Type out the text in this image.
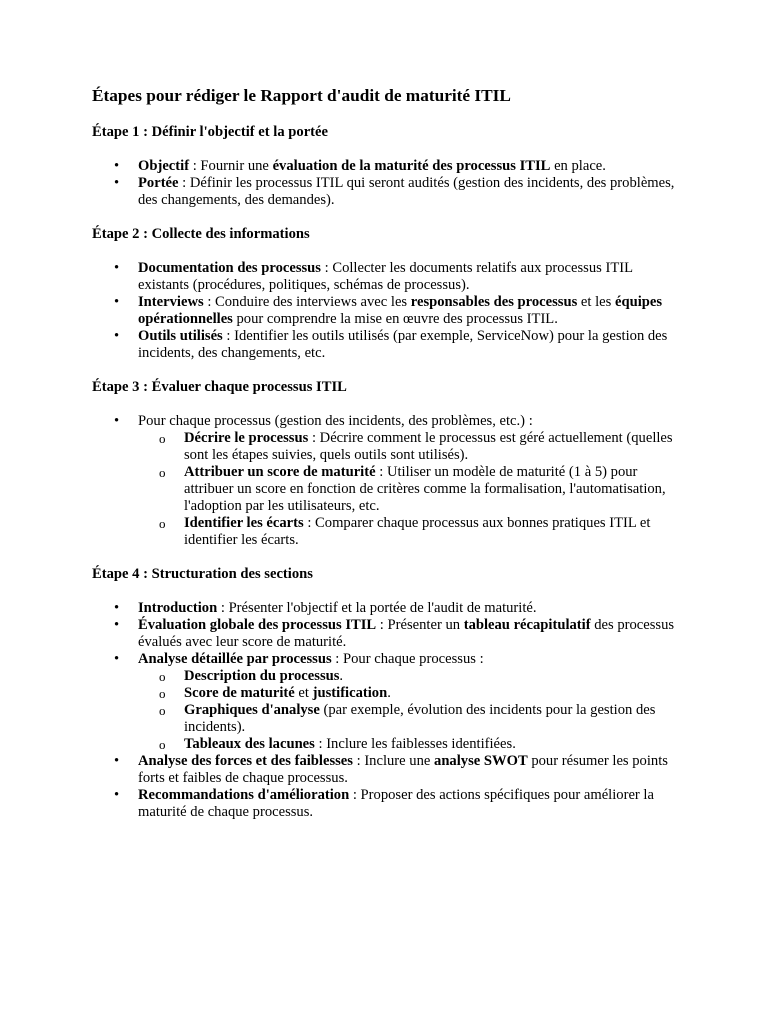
Étapes pour rédiger le Rapport d'audit de maturité ITIL
Étape 1 : Définir l'objectif et la portée
• Objectif : Fournir une évaluation de la maturité des processus ITIL en place.
• Portée : Définir les processus ITIL qui seront audités (gestion des incidents, des problèmes, des changements, des demandes).
Étape 2 : Collecte des informations
• Documentation des processus : Collecter les documents relatifs aux processus ITIL existants (procédures, politiques, schémas de processus).
• Interviews : Conduire des interviews avec les responsables des processus et les équipes opérationnelles pour comprendre la mise en œuvre des processus ITIL.
• Outils utilisés : Identifier les outils utilisés (par exemple, ServiceNow) pour la gestion des incidents, des changements, etc.
Étape 3 : Évaluer chaque processus ITIL
• Pour chaque processus (gestion des incidents, des problèmes, etc.) :
o Décrire le processus : Décrire comment le processus est géré actuellement (quelles sont les étapes suivies, quels outils sont utilisés).
o Attribuer un score de maturité : Utiliser un modèle de maturité (1 à 5) pour attribuer un score en fonction de critères comme la formalisation, l'automatisation, l'adoption par les utilisateurs, etc.
o Identifier les écarts : Comparer chaque processus aux bonnes pratiques ITIL et identifier les écarts.
Étape 4 : Structuration des sections
• Introduction : Présenter l'objectif et la portée de l'audit de maturité.
• Évaluation globale des processus ITIL : Présenter un tableau récapitulatif des processus évalués avec leur score de maturité.
• Analyse détaillée par processus : Pour chaque processus :
o Description du processus.
o Score de maturité et justification.
o Graphiques d'analyse (par exemple, évolution des incidents pour la gestion des incidents).
o Tableaux des lacunes : Inclure les faiblesses identifiées.
• Analyse des forces et des faiblesses : Inclure une analyse SWOT pour résumer les points forts et faibles de chaque processus.
• Recommandations d'amélioration : Proposer des actions spécifiques pour améliorer la maturité de chaque processus.
